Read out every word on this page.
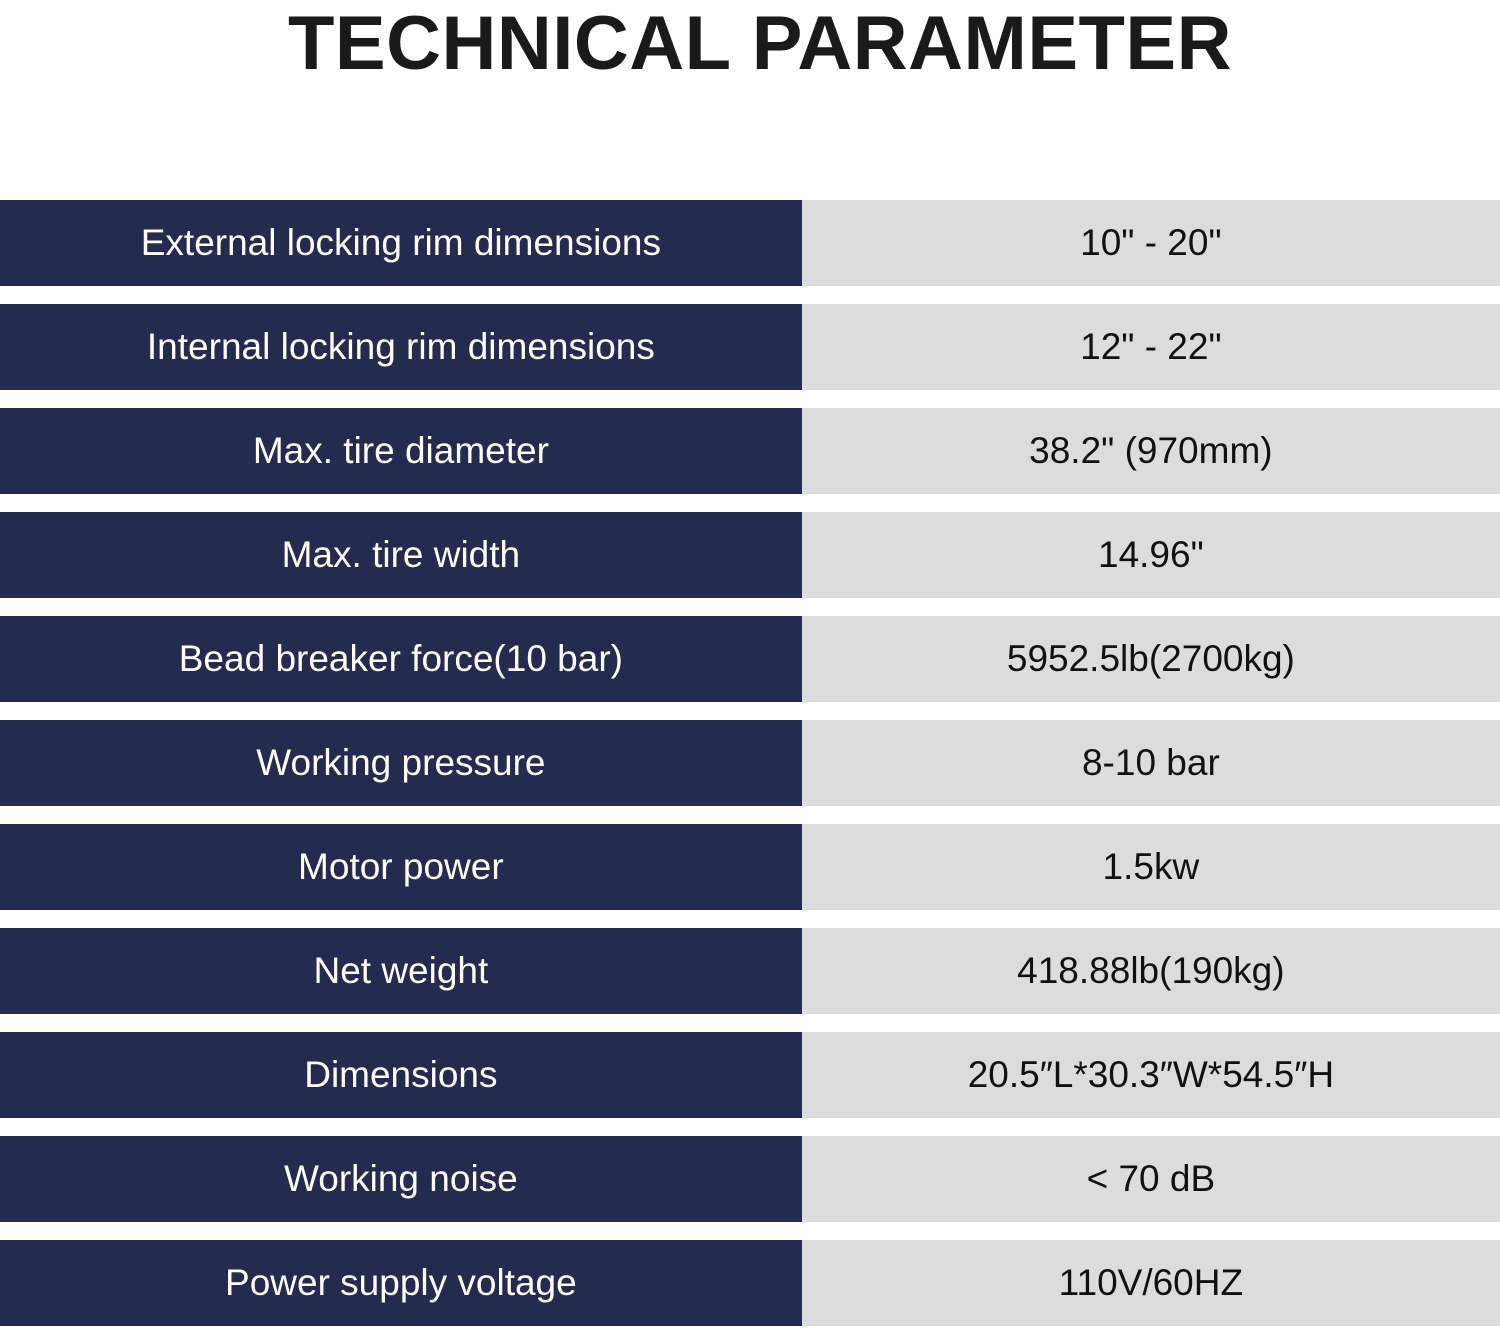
TECHNICAL PARAMETER
External locking rim dimensions	10" - 20"
Internal locking rim dimensions	12" - 22"
Max. tire diameter	38.2" (970mm)
Max. tire width	14.96"
Bead breaker force(10 bar)	5952.5lb(2700kg)
Working pressure	8-10 bar
Motor power	1.5kw
Net weight	418.88lb(190kg)
Dimensions	20.5″L*30.3″W*54.5″H
Working noise	< 70 dB
Power supply voltage	110V/60HZ
